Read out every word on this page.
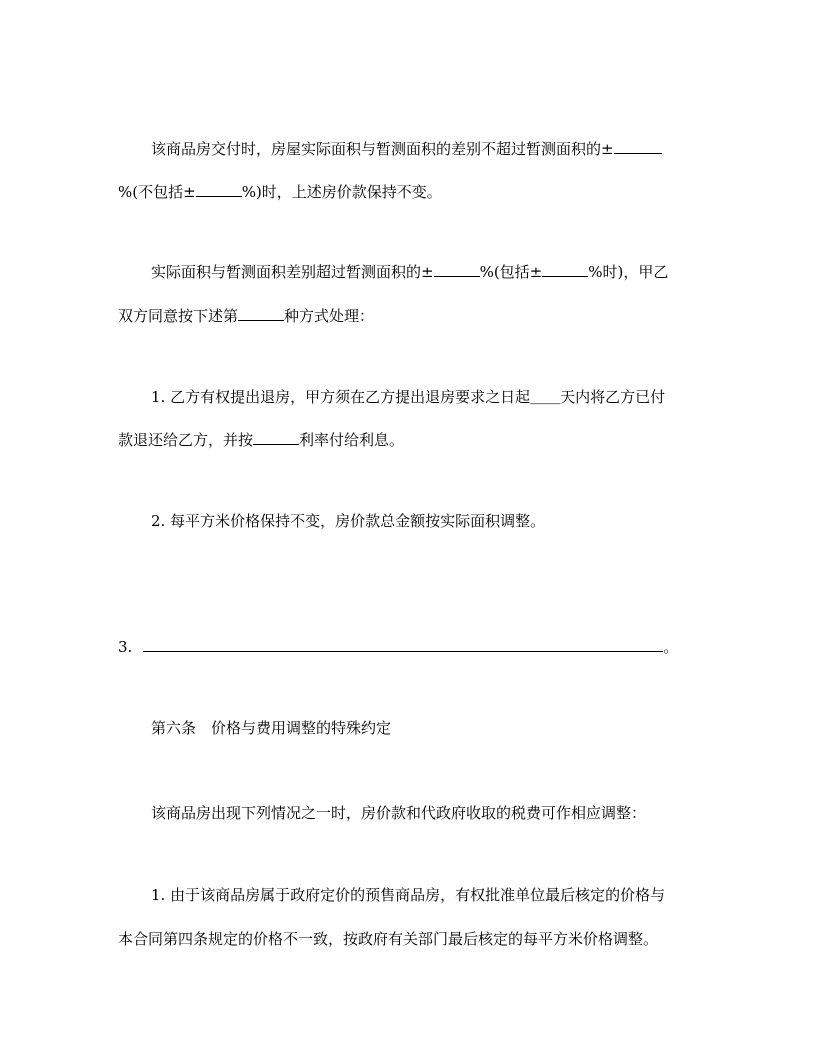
该商品房交付时，房屋实际面积与暂测面积的差别不超过暂测面积的±
%(不包括±	%)时，上述房价款保持不变。
实际面积与暂测面积差别超过暂测面积的±	%(包括±	%时)，甲乙
双方同意按下述第	种方式处理：
1. 乙方有权提出退房，甲方须在乙方提出退房要求之日起 ＿＿ 天内将乙方已付
款退还给乙方，并按	利率付给利息。
2. 每平方米价格保持不变，房价款总金额按实际面积调整。
3.	。
第六条　价格与费用调整的特殊约定
该商品房出现下列情况之一时，房价款和代政府收取的税费可作相应调整：
1. 由于该商品房属于政府定价的预售商品房，有权批准单位最后核定的价格与
本合同第四条规定的价格不一致，按政府有关部门最后核定的每平方米价格调整。
